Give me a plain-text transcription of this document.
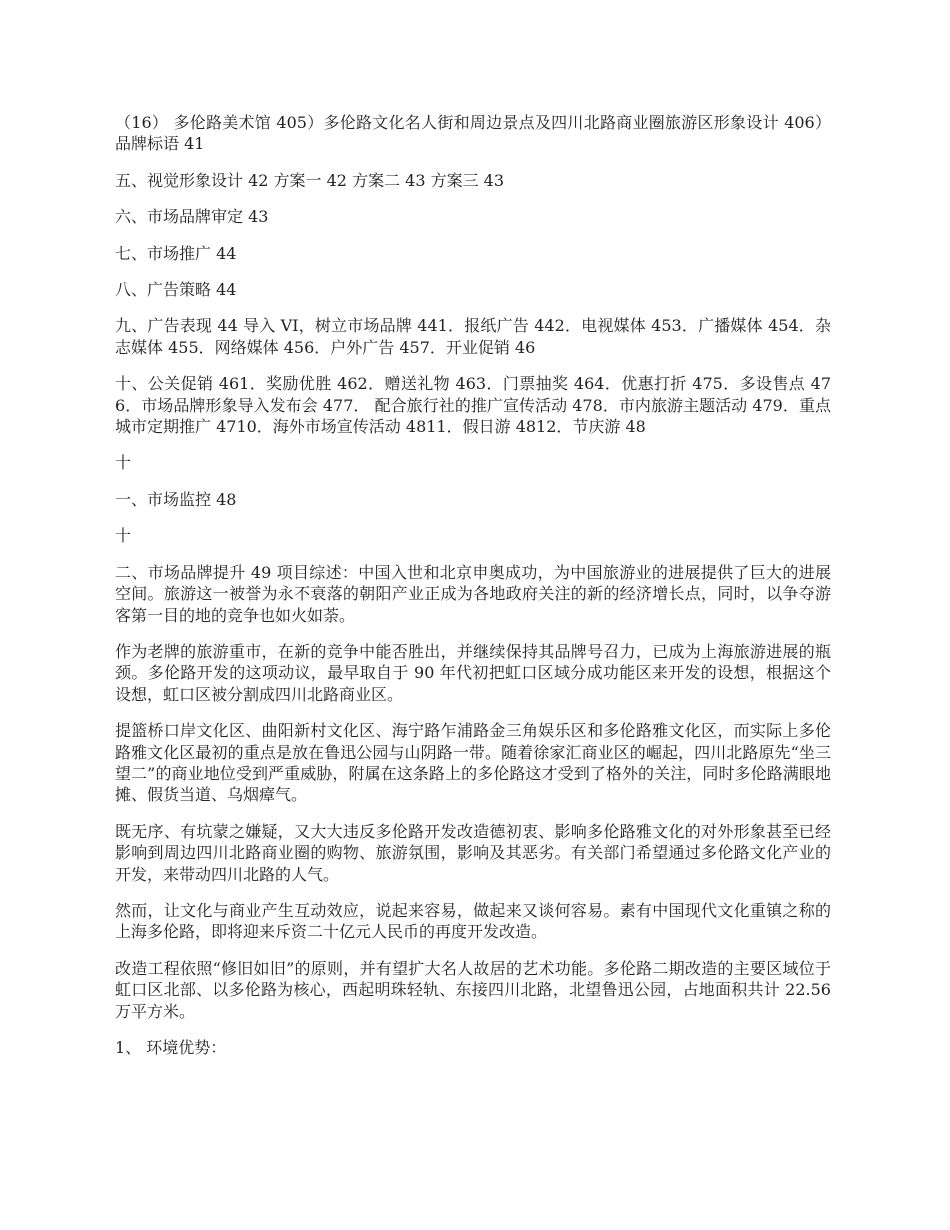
（16） 多伦路美术馆 405）多伦路文化名人街和周边景点及四川北路商业圈旅游区形象设计 406）品牌标语 41

五、视觉形象设计 42 方案一 42 方案二 43 方案三 43

六、市场品牌审定 43

七、市场推广 44

八、广告策略 44

九、广告表现 44 导入 VI，树立市场品牌 441．报纸广告 442．电视媒体 453．广播媒体 454．杂志媒体 455．网络媒体 456．户外广告 457．开业促销 46

十、公关促销 461．奖励优胜 462．赠送礼物 463．门票抽奖 464．优惠打折 475．多设售点 476．市场品牌形象导入发布会 477． 配合旅行社的推广宣传活动 478．市内旅游主题活动 479．重点城市定期推广 4710．海外市场宣传活动 4811．假日游 4812．节庆游 48

十

一、市场监控 48

十

二、市场品牌提升 49 项目综述：中国入世和北京申奥成功，为中国旅游业的进展提供了巨大的进展空间。旅游这一被誉为永不衰落的朝阳产业正成为各地政府关注的新的经济增长点，同时，以争夺游客第一目的地的竞争也如火如荼。

作为老牌的旅游重市，在新的竞争中能否胜出，并继续保持其品牌号召力，已成为上海旅游进展的瓶颈。多伦路开发的这项动议，最早取自于 90 年代初把虹口区域分成功能区来开发的设想，根据这个设想，虹口区被分割成四川北路商业区。

提篮桥口岸文化区、曲阳新村文化区、海宁路乍浦路金三角娱乐区和多伦路雅文化区，而实际上多伦路雅文化区最初的重点是放在鲁迅公园与山阴路一带。随着徐家汇商业区的崛起，四川北路原先“坐三望二”的商业地位受到严重威胁，附属在这条路上的多伦路这才受到了格外的关注，同时多伦路满眼地摊、假货当道、乌烟瘴气。

既无序、有坑蒙之嫌疑，又大大违反多伦路开发改造德初衷、影响多伦路雅文化的对外形象甚至已经影响到周边四川北路商业圈的购物、旅游氛围，影响及其恶劣。有关部门希望通过多伦路文化产业的开发，来带动四川北路的人气。

然而，让文化与商业产生互动效应，说起来容易，做起来又谈何容易。素有中国现代文化重镇之称的上海多伦路，即将迎来斥资二十亿元人民币的再度开发改造。

改造工程依照“修旧如旧”的原则，并有望扩大名人故居的艺术功能。多伦路二期改造的主要区域位于虹口区北部、以多伦路为核心，西起明珠轻轨、东接四川北路，北望鲁迅公园，占地面积共计 22.56 万平方米。

1、 环境优势：
